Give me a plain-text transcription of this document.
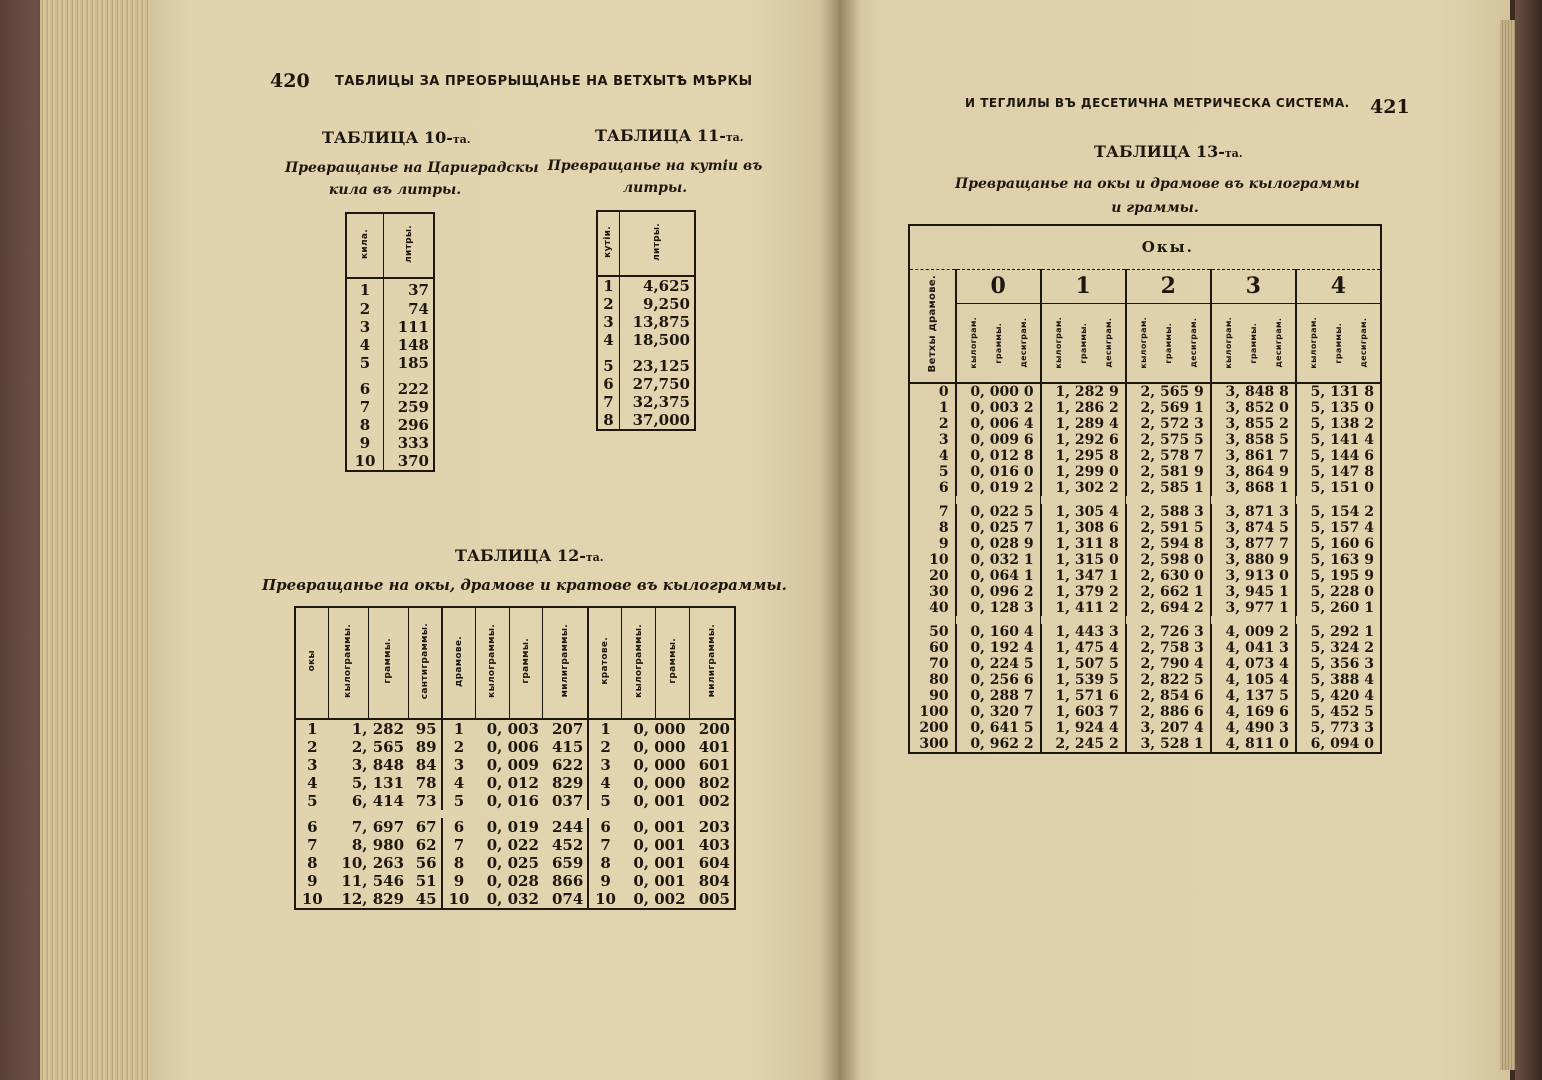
420 ТАБЛИЦЫ ЗА ПРЕОБРЫЩАНЬЕ НА ВЕТХЫТѢ МѢРКЫ
ТАБЛИЦА 10-та.
Превращанье на Цариградскы
кила въ литры.
кила.	литры.
1	37
2	74
3	111
4	148
5	185

6	222
7	259
8	296
9	333
10	370
ТАБЛИЦА 11-та.
Превращанье на кутіи въ
литры.
кутіи.	литры.
1	4,625
2	9,250
3	13,875
4	18,500

5	23,125
6	27,750
7	32,375
8	37,000
ТАБЛИЦА 12-та.
Превращанье на окы, драмове и кратове въ кылограммы.
окы	кылограммы.	граммы.	сантиграммы.	драмове.	кылограммы.	граммы.	милиграммы.	кратове.	кылограммы.	граммы.	милиграммы.
1	1, 282		95	1	0, 003		207	1	0, 000		200
2	2, 565		89	2	0, 006		415	2	0, 000		401
3	3, 848		84	3	0, 009		622	3	0, 000		601
4	5, 131		78	4	0, 012		829	4	0, 000		802
5	6, 414		73	5	0, 016		037	5	0, 001		002

6	7, 697		67	6	0, 019		244	6	0, 001		203
7	8, 980		62	7	0, 022		452	7	0, 001		403
8	10, 263		56	8	0, 025		659	8	0, 001		604
9	11, 546		51	9	0, 028		866	9	0, 001		804
10	12, 829		45	10	0, 032		074	10	0, 002		005
И ТЕГЛИЛЫ ВЪ ДЕСЕТИЧНА МЕТРИЧЕСКА СИСТЕМА. 421
ТАБЛИЦА 13-та.
Превращанье на окы и драмове въ кылограммы
и граммы.
	Окы.				
Ветхы драмове.	0	1	2	3	4

	кылограм. граммы. десиграм.	кылограм. граммы. десиграм.	кылограм. граммы. десиграм.	кылограм. граммы. десиграм.	кылограм. граммы. десиграм.

0	0, 000 0	1, 282 9	2, 565 9	3, 848 8	5, 131 8
1	0, 003 2	1, 286 2	2, 569 1	3, 852 0	5, 135 0
2	0, 006 4	1, 289 4	2, 572 3	3, 855 2	5, 138 2
3	0, 009 6	1, 292 6	2, 575 5	3, 858 5	5, 141 4
4	0, 012 8	1, 295 8	2, 578 7	3, 861 7	5, 144 6
5	0, 016 0	1, 299 0	2, 581 9	3, 864 9	5, 147 8
6	0, 019 2	1, 302 2	2, 585 1	3, 868 1	5, 151 0

7	0, 022 5	1, 305 4	2, 588 3	3, 871 3	5, 154 2
8	0, 025 7	1, 308 6	2, 591 5	3, 874 5	5, 157 4
9	0, 028 9	1, 311 8	2, 594 8	3, 877 7	5, 160 6
10	0, 032 1	1, 315 0	2, 598 0	3, 880 9	5, 163 9
20	0, 064 1	1, 347 1	2, 630 0	3, 913 0	5, 195 9
30	0, 096 2	1, 379 2	2, 662 1	3, 945 1	5, 228 0
40	0, 128 3	1, 411 2	2, 694 2	3, 977 1	5, 260 1

50	0, 160 4	1, 443 3	2, 726 3	4, 009 2	5, 292 1
60	0, 192 4	1, 475 4	2, 758 3	4, 041 3	5, 324 2
70	0, 224 5	1, 507 5	2, 790 4	4, 073 4	5, 356 3
80	0, 256 6	1, 539 5	2, 822 5	4, 105 4	5, 388 4
90	0, 288 7	1, 571 6	2, 854 6	4, 137 5	5, 420 4
100	0, 320 7	1, 603 7	2, 886 6	4, 169 6	5, 452 5
200	0, 641 5	1, 924 4	3, 207 4	4, 490 3	5, 773 3
300	0, 962 2	2, 245 2	3, 528 1	4, 811 0	6, 094 0
